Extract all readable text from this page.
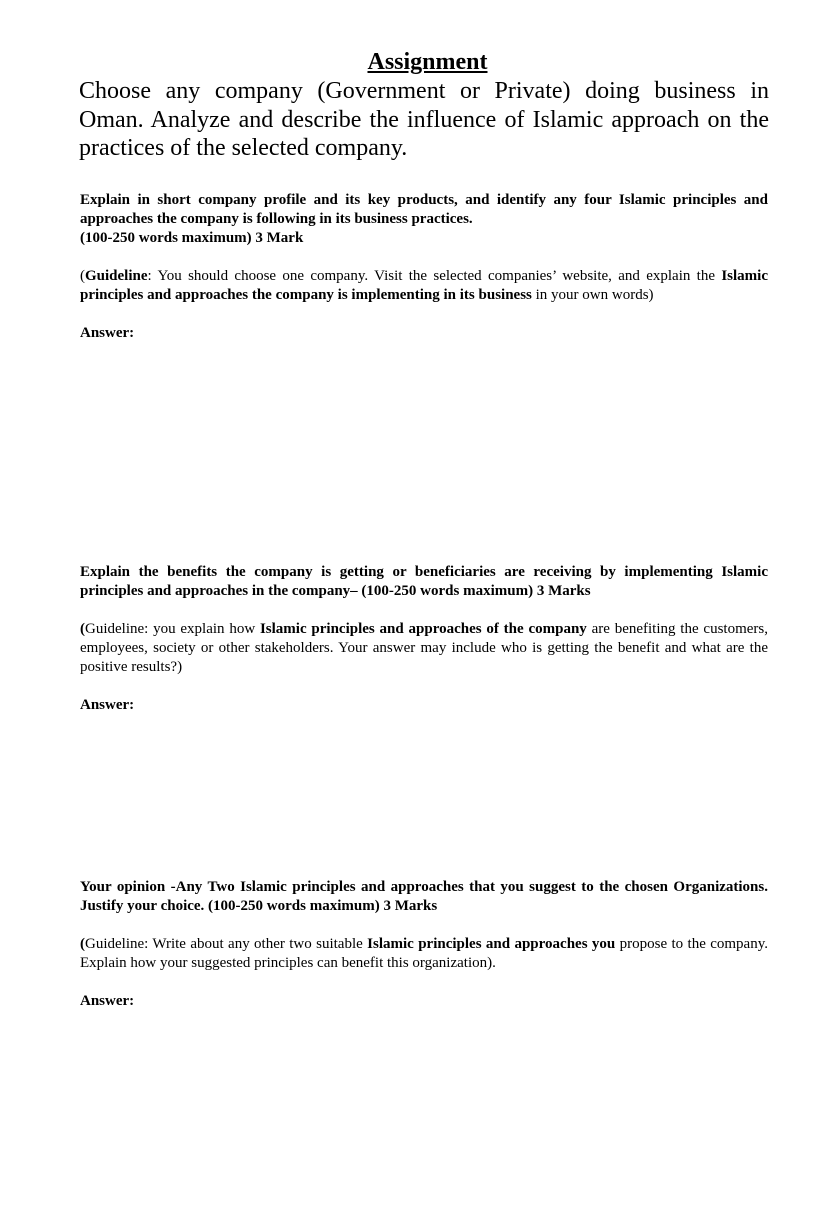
Assignment
Choose any company (Government or Private) doing business in Oman. Analyze and describe the influence of Islamic approach on the practices of the selected company.
Explain in short company profile and its key products, and identify any four Islamic principles and approaches the company is following in its business practices.
(100-250 words maximum) 3 Mark
(Guideline: You should choose one company. Visit the selected companies’ website, and explain the Islamic principles and approaches the company is implementing in its business in your own words)
Answer:
Explain the benefits the company is getting or beneficiaries are receiving by implementing Islamic principles and approaches in the company– (100-250 words maximum) 3 Marks
(Guideline: you explain how Islamic principles and approaches of the company are benefiting the customers, employees, society or other stakeholders. Your answer may include who is getting the benefit and what are the positive results?)
Answer:
Your opinion -Any Two Islamic principles and approaches that you suggest to the chosen Organizations. Justify your choice. (100-250 words maximum) 3 Marks
(Guideline: Write about any other two suitable Islamic principles and approaches you propose to the company. Explain how your suggested principles can benefit this organization).
Answer:
